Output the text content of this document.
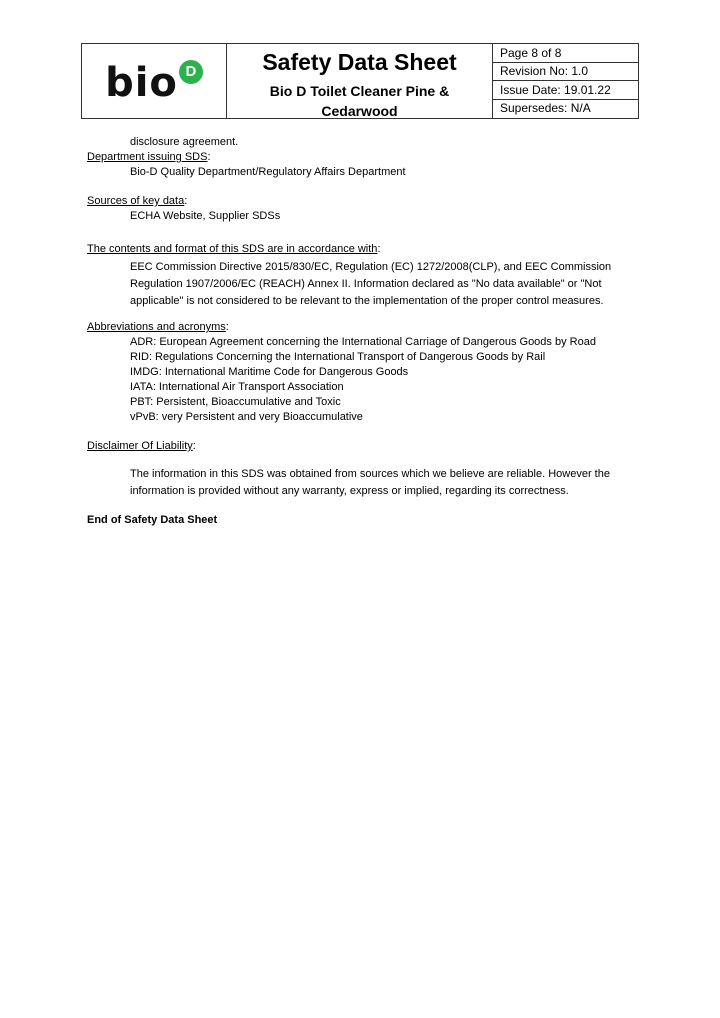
bio D	Safety Data Sheet
Bio D Toilet Cleaner Pine & Cedarwood
Page 8 of 8
Revision No: 1.0
Issue Date: 19.01.22
Supersedes: N/A
disclosure agreement.
Department issuing SDS:
Bio-D Quality Department/Regulatory Affairs Department
Sources of key data:
ECHA Website, Supplier SDSs
The contents and format of this SDS are in accordance with:
EEC Commission Directive 2015/830/EC, Regulation (EC) 1272/2008(CLP), and EEC Commission Regulation 1907/2006/EC (REACH) Annex II. Information declared as "No data available" or "Not applicable" is not considered to be relevant to the implementation of the proper control measures.
Abbreviations and acronyms:
ADR: European Agreement concerning the International Carriage of Dangerous Goods by Road
RID: Regulations Concerning the International Transport of Dangerous Goods by Rail
IMDG: International Maritime Code for Dangerous Goods
IATA: International Air Transport Association
PBT: Persistent, Bioaccumulative and Toxic
vPvB: very Persistent and very Bioaccumulative
Disclaimer Of Liability:
The information in this SDS was obtained from sources which we believe are reliable. However the information is provided without any warranty, express or implied, regarding its correctness.
End of Safety Data Sheet
